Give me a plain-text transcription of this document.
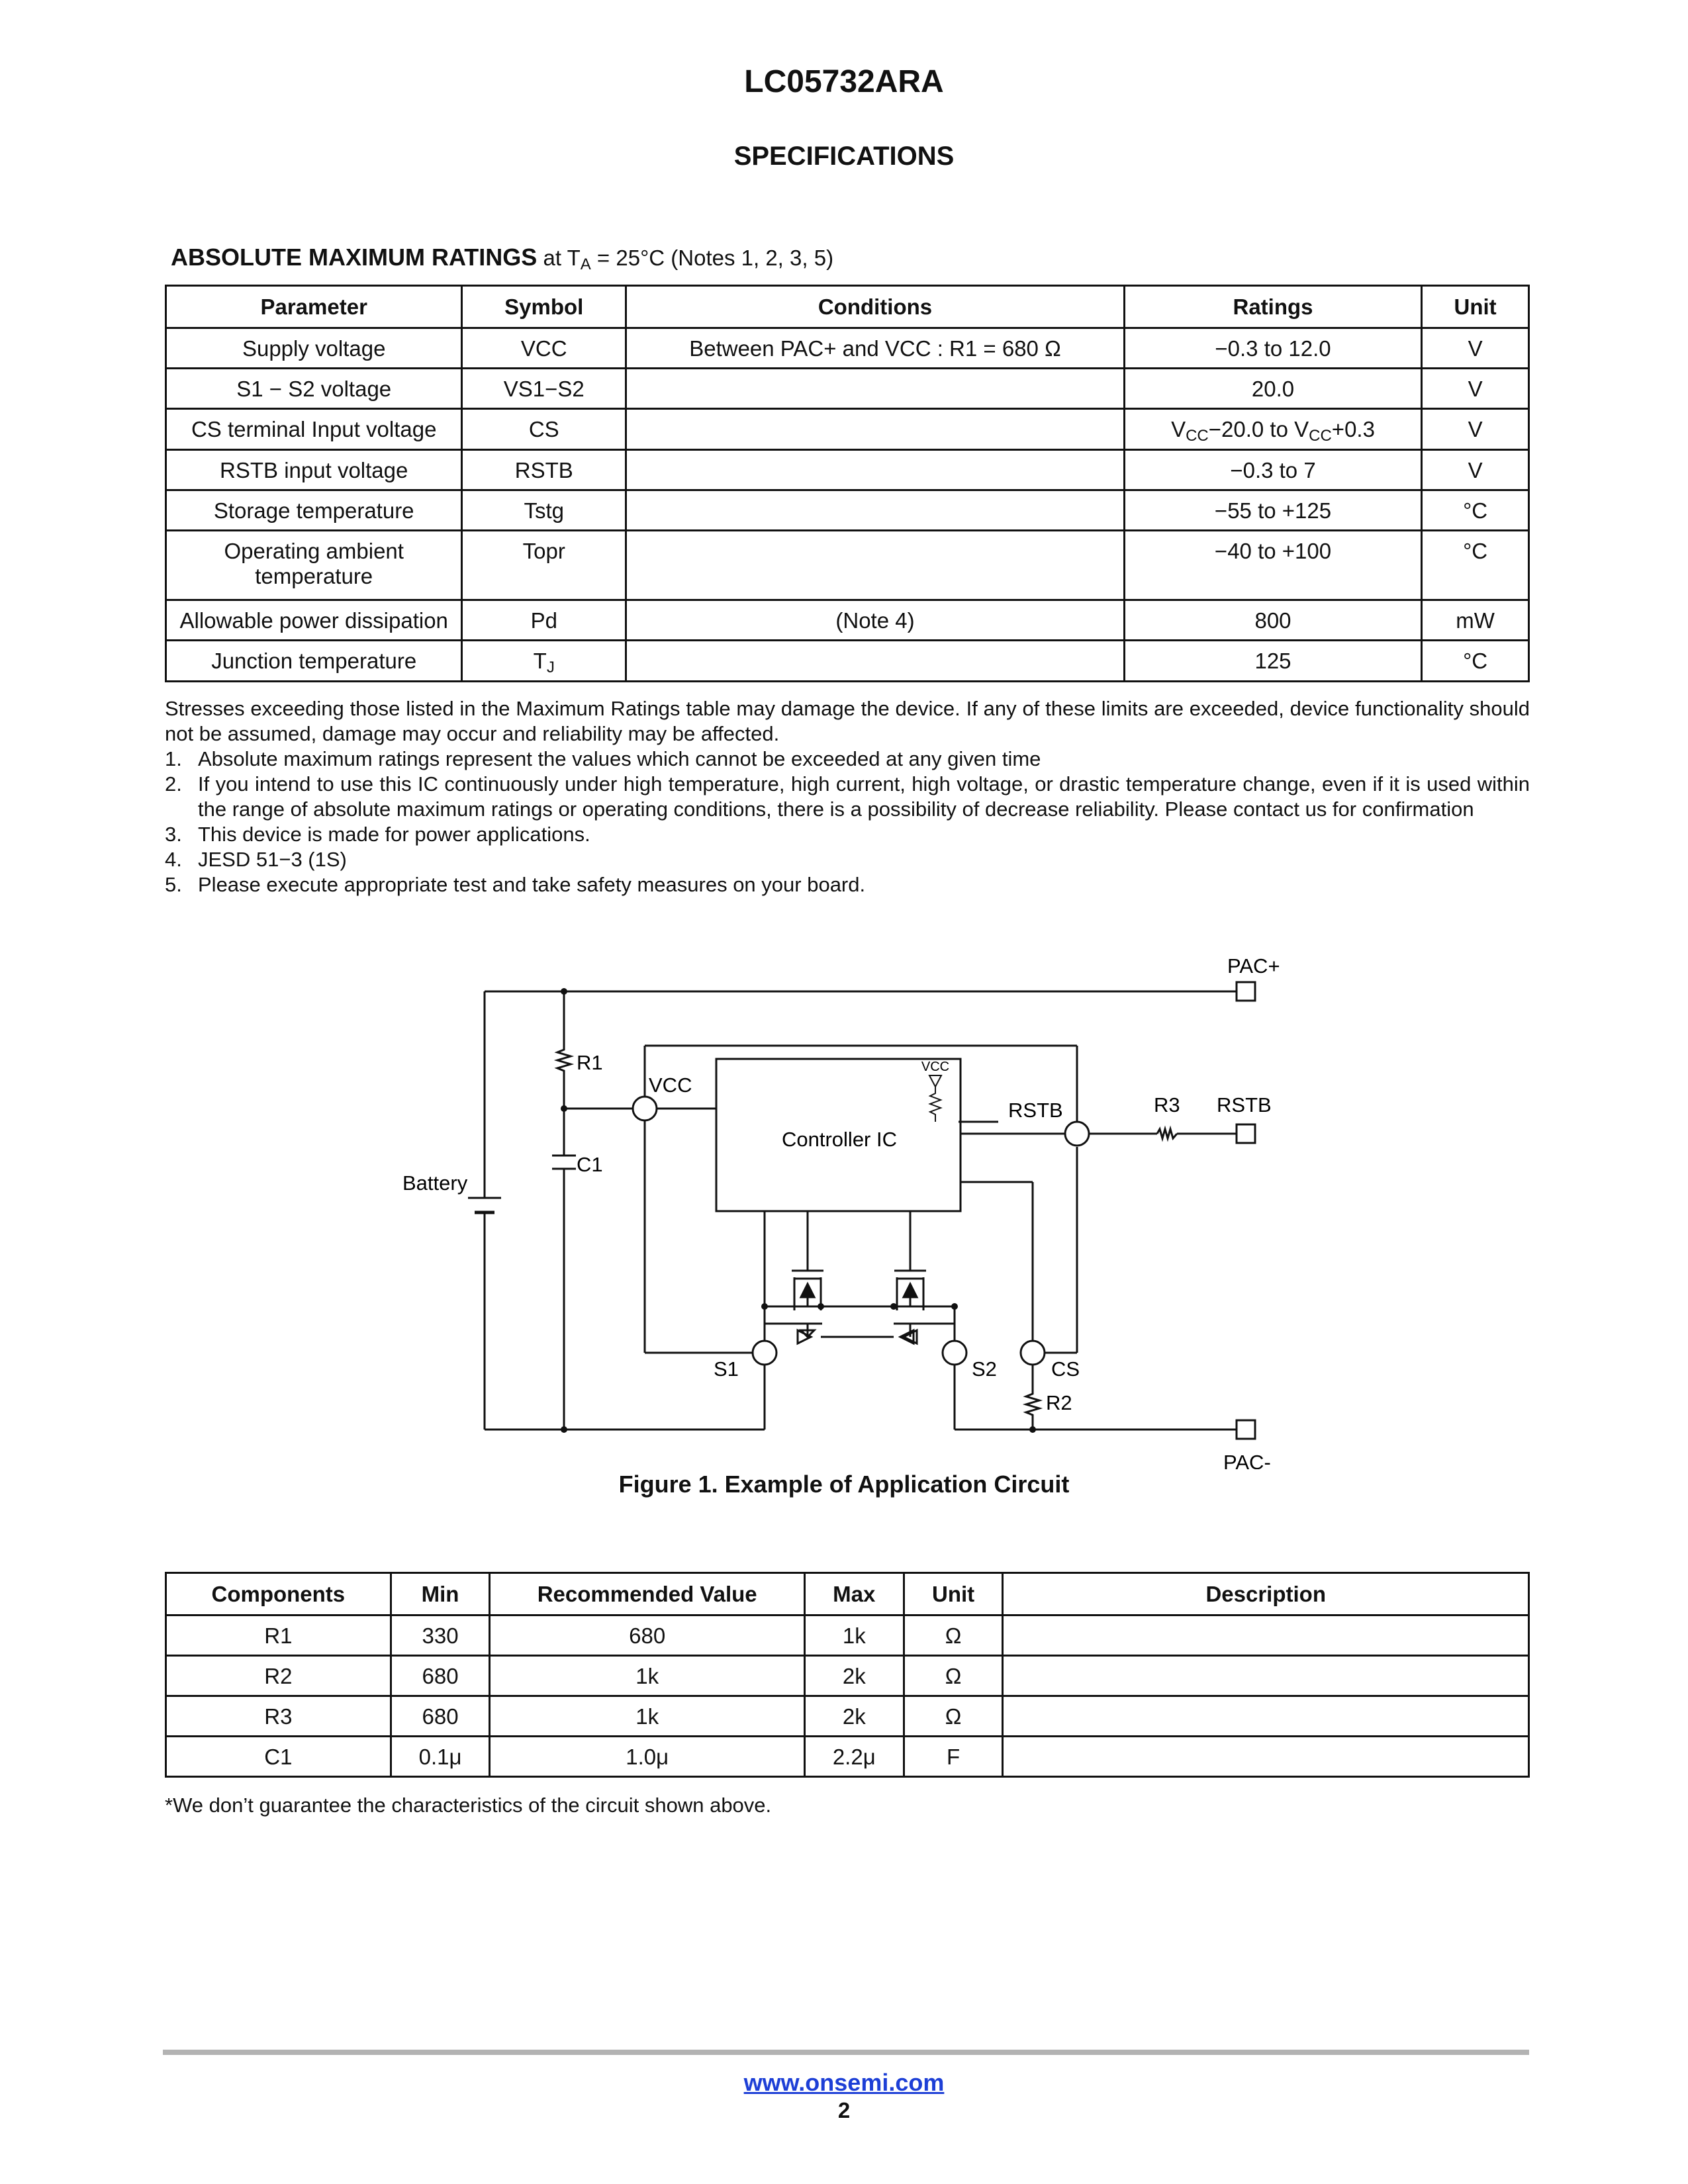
LC05732ARA
SPECIFICATIONS
ABSOLUTE MAXIMUM RATINGS at $T_A = 25^\circ C$ (Notes 1, 2, 3, 5)
Parameter	Symbol	Conditions	Ratings	Unit
Supply voltage	VCC	Between PAC+ and VCC : R1 = 680 Ω	−0.3 to 12.0	V
S1 − S2 voltage	VS1−S2		20.0	V
CS terminal Input voltage	CS		$V_{CC}-20.0$ to $V_{CC}+0.3$	V
RSTB input voltage	RSTB		−0.3 to 7	V
Storage temperature	Tstg		−55 to +125	°C
Operating ambient
temperature	Topr		−40 to +100	°C
Allowable power dissipation	Pd	(Note 4)	800	mW
Junction temperature	$T_J$		125	°C

Stresses exceeding those listed in the Maximum Ratings table may damage the device. If any of these limits are exceeded, device functionality should not be assumed, damage may occur and reliability may be affected.

1. Absolute maximum ratings represent the values which cannot be exceeded at any given time
2. If you intend to use this IC continuously under high temperature, high current, high voltage, or drastic temperature change, even if it is used within the range of absolute maximum ratings or operating conditions, there is a possibility of decrease reliability. Please contact us for confirmation
3. This device is made for power applications.
4. JESD 51−3 (1S)
5. Please execute appropriate test and take safety measures on your board.
Controller IC
VCC
R1
C1
Battery
VCC
RSTB
S1	S2	CS
R3
R2
PAC+
RSTB
PAC-
Figure 1. Example of Application Circuit
Components	Min	Recommended Value	Max	Unit	Description
R1	330	680	1k	Ω	
R2	680	1k	2k	Ω	
R3	680	1k	2k	Ω	
C1	0.1μ	1.0μ	2.2μ	F	
*We don’t guarantee the characteristics of the circuit shown above.
www.onsemi.com
2
